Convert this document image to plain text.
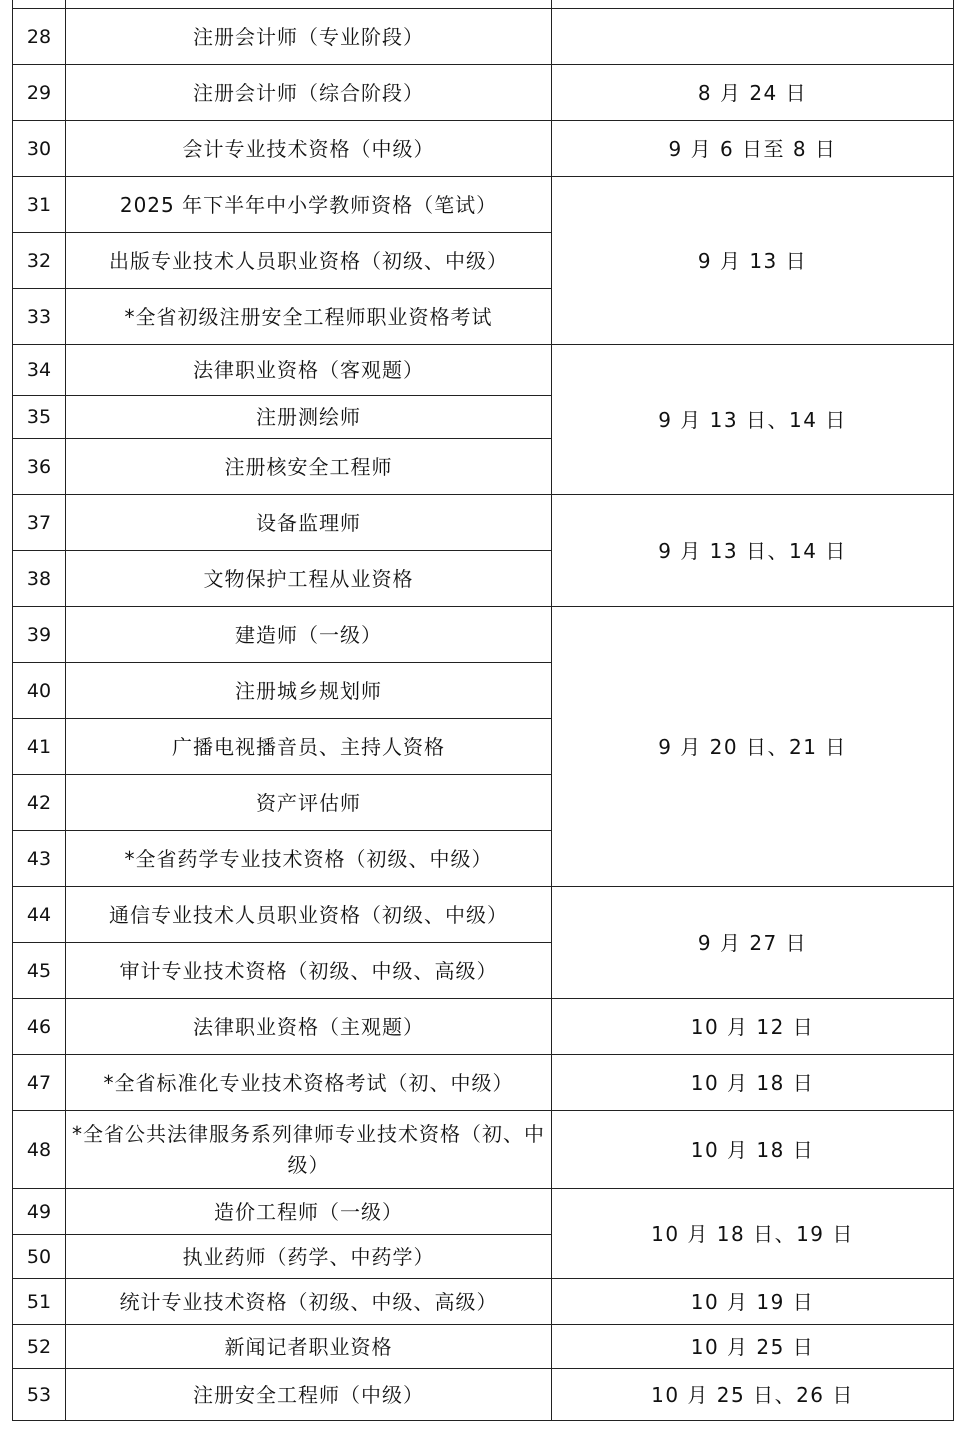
28	注册会计师（专业阶段）	
29	注册会计师（综合阶段）	8 月 24 日
30	会计专业技术资格（中级）	9 月 6 日至 8 日
31	2025 年下半年中小学教师资格（笔试）	9 月 13 日
32	出版专业技术人员职业资格（初级、中级）	
33	*全省初级注册安全工程师职业资格考试	
34	法律职业资格（客观题）	9 月 13 日、14 日
35	注册测绘师	
36	注册核安全工程师	
37	设备监理师	9 月 13 日、14 日
38	文物保护工程从业资格	
39	建造师（一级）	9 月 20 日、21 日
40	注册城乡规划师	
41	广播电视播音员、主持人资格	
42	资产评估师	
43	*全省药学专业技术资格（初级、中级）	
44	通信专业技术人员职业资格（初级、中级）	9 月 27 日
45	审计专业技术资格（初级、中级、高级）	
46	法律职业资格（主观题）	10 月 12 日
47	*全省标准化专业技术资格考试（初、中级）	10 月 18 日
48	*全省公共法律服务系列律师专业技术资格（初、中级）	10 月 18 日
49	造价工程师（一级）	10 月 18 日、19 日
50	执业药师（药学、中药学）	
51	统计专业技术资格（初级、中级、高级）	10 月 19 日
52	新闻记者职业资格	10 月 25 日
53	注册安全工程师（中级）	10 月 25 日、26 日
